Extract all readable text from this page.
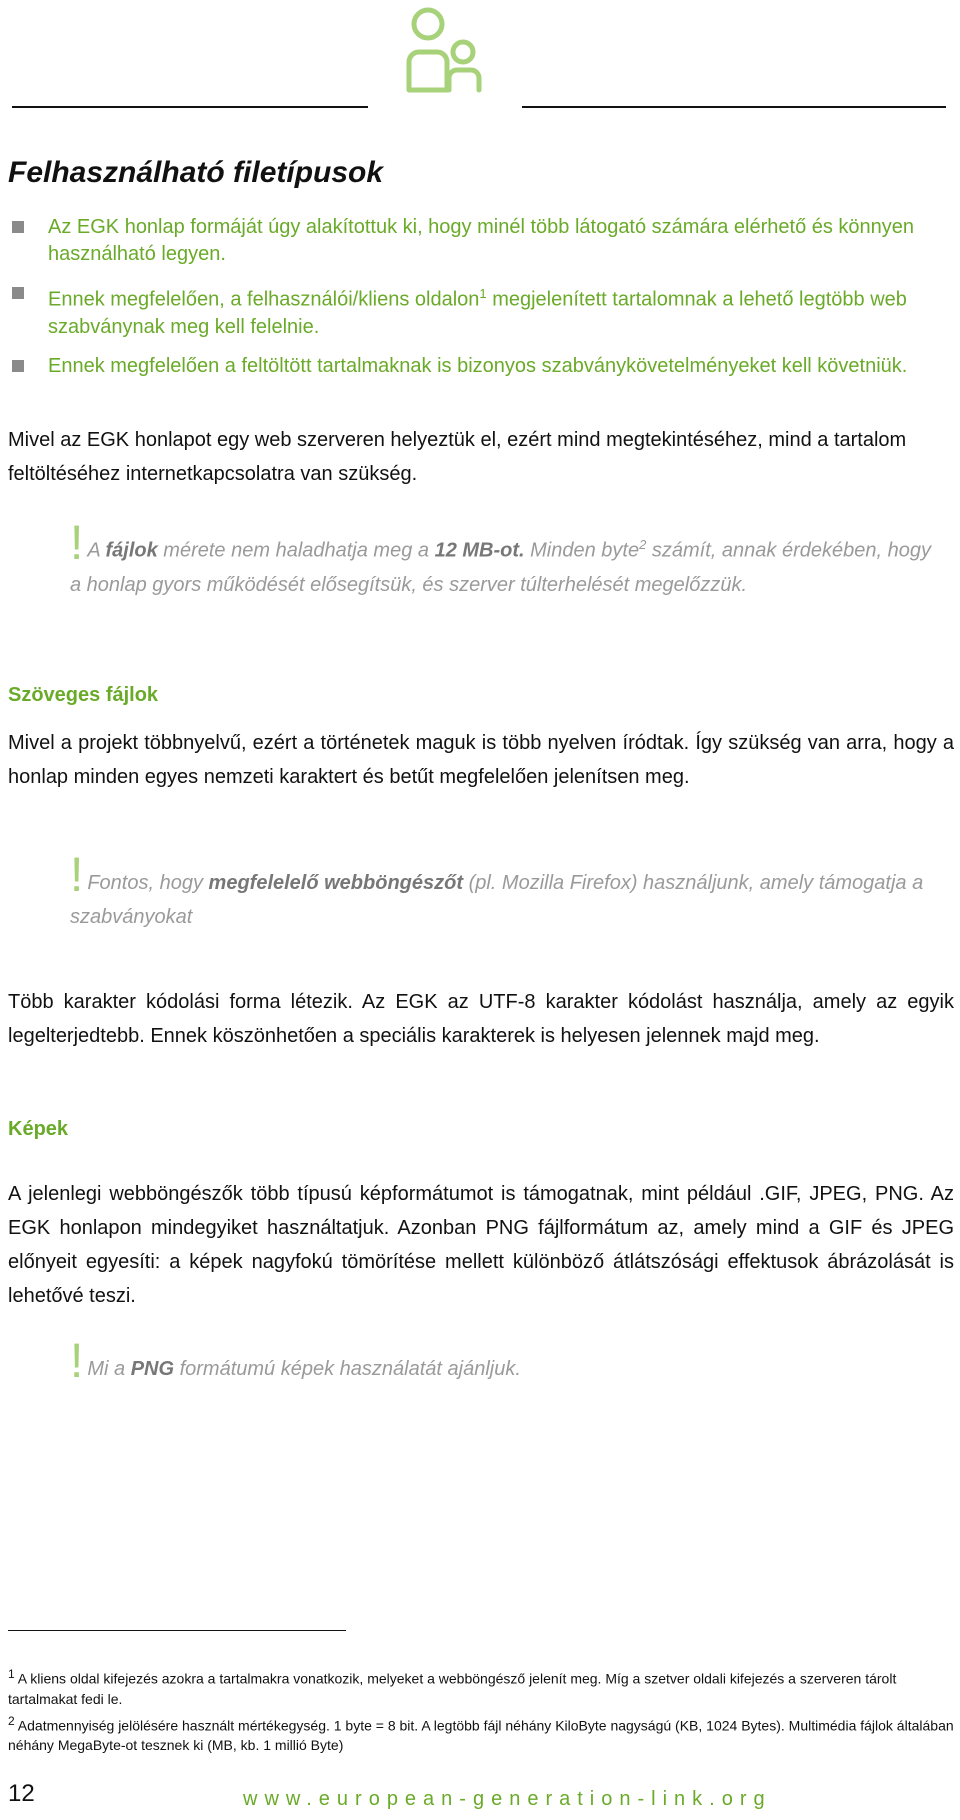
Felhasználható filetípusok
Az EGK honlap formáját úgy alakítottuk ki, hogy minél több látogató számára elérhető és könnyen használható legyen.
Ennek megfelelően, a felhasználói/kliens oldalon$^1$ megjelenített tartalomnak a lehető legtöbb web szabványnak meg kell felelnie.
Ennek megfelelően a feltöltött tartalmaknak is bizonyos szabványkövetelményeket kell követniük.
Mivel az EGK honlapot egy web szerveren helyeztük el, ezért mind megtekintéséhez, mind a tartalom feltöltéséhez internetkapcsolatra van szükség.
! A fájlok mérete nem haladhatja meg a 12 MB-ot. Minden byte$^2$ számít, annak érdekében, hogy a honlap gyors működését elősegítsük, és szerver túlterhelését megelőzzük.
Szöveges fájlok
Mivel a projekt többnyelvű, ezért a történetek maguk is több nyelven íródtak. Így szükség van arra, hogy a honlap minden egyes nemzeti karaktert és betűt megfelelően jelenítsen meg.
! Fontos, hogy megfelelelő webböngészőt (pl. Mozilla Firefox) használjunk, amely támogatja a szabványokat
Több karakter kódolási forma létezik. Az EGK az UTF-8 karakter kódolást használja, amely az egyik legelterjedtebb. Ennek köszönhetően a speciális karakterek is helyesen jelennek majd meg.
Képek
A jelenlegi webböngészők több típusú képformátumot is támogatnak, mint például .GIF, JPEG, PNG. Az EGK honlapon mindegyiket használtatjuk. Azonban PNG fájlformátum az, amely mind a GIF és JPEG előnyeit egyesíti: a képek nagyfokú tömörítése mellett különböző átlátszósági effektusok ábrázolását is lehetővé teszi.
! Mi a PNG formátumú képek használatát ajánljuk.
$^1$ A kliens oldal kifejezés azokra a tartalmakra vonatkozik, melyeket a webböngésző jelenít meg. Míg a szetver oldali kifejezés a szerveren tárolt tartalmakat fedi le.
$^2$ Adatmennyiség jelölésére használt mértékegység. 1 byte = 8 bit. A legtöbb fájl néhány KiloByte nagyságú (KB, 1024 Bytes). Multimédia fájlok általában néhány MegaByte-ot tesznek ki (MB, kb. 1 millió Byte)
12	www.european-generation-link.org
